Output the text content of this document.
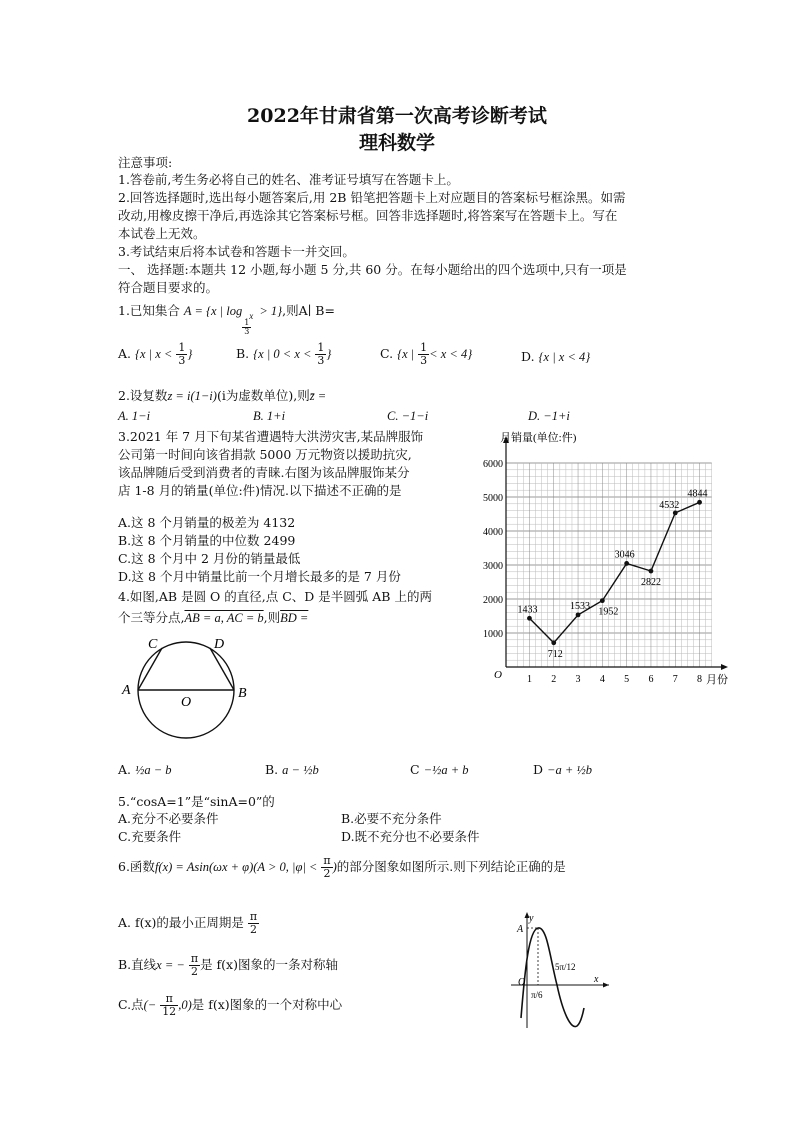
2022年甘肃省第一次高考诊断考试
理科数学
注意事项:
1.答卷前,考生务必将自己的姓名、准考证号填写在答题卡上。
2.回答选择题时,选出每小题答案后,用 2B 铅笔把答题卡上对应题目的答案标号框涂黑。如需
改动,用橡皮擦干净后,再选涂其它答案标号框。回答非选择题时,将答案写在答题卡上。写在
本试卷上无效。
3.考试结束后将本试卷和答题卡一并交回。
一、 选择题:本题共 12 小题,每小题 5 分,共 60 分。在每小题给出的四个选项中,只有一项是
符合题目要求的。
1.已知集合 A = {x | log
$\frac{1}{3}$
x > 1},则A∣ B=
A. {x | $x < \frac{1}{3}$ }	B. {x | $0 < x < \frac{1}{3}$ }	C. {x | $\frac{1}{3} < x < 4$}	D. {x | x < 4}
2.设复数z = i(1−i)(i为虚数单位),则z̄ =
A. 1−i	B. 1+i	C. −1−i	D. −1+i
3.2021 年 7 月下旬某省遭遇特大洪涝灾害,某品牌服饰
公司第一时间向该省捐款 5000 万元物资以援助抗灾,
该品牌随后受到消费者的青睐.右图为该品牌服饰某分
店 1-8 月的销量(单位:件)情况.以下描述不正确的是
A.这 8 个月销量的极差为 4132
B.这 8 个月销量的中位数 2499
C.这 8 个月中 2 月份的销量最低
D.这 8 个月中销量比前一个月增长最多的是 7 月份
1000
2000
3000
4000
5000
6000
1 2 3 4 5 6 7 8
1433
712
1533
1952
3046
2822
4532
4844
月销量(单位:件)
月份
O
4.如图,AB 是圆 O 的直径,点 C、D 是半圆弧 AB 上的两
个三等分点,AB = a, AC = b,则BD =
A	B
C	D
O
A. ½a − b	B. a − ½b	C −½a + b	D −a + ½b
5.“cosA=1”是“sinA=0”的
A.充分不必要条件	B.必要不充分条件
C.充要条件	D.既不充分也不必要条件
6.函数f(x) = Asin(ωx + φ)(A > 0, $|\varphi| < \frac{\pi}{2}$ )的部分图象如图所示.则下列结论正确的是
A. f(x)的最小正周期是 $\frac{\pi}{2}$
B.直线x = − $\frac{\pi}{2}$ 是 f(x)图象的一条对称轴
C.点(− $\frac{\pi}{12} ,0$)是 f(x)图象的一个对称中心
y
x
A
O
π/6
5π/12
